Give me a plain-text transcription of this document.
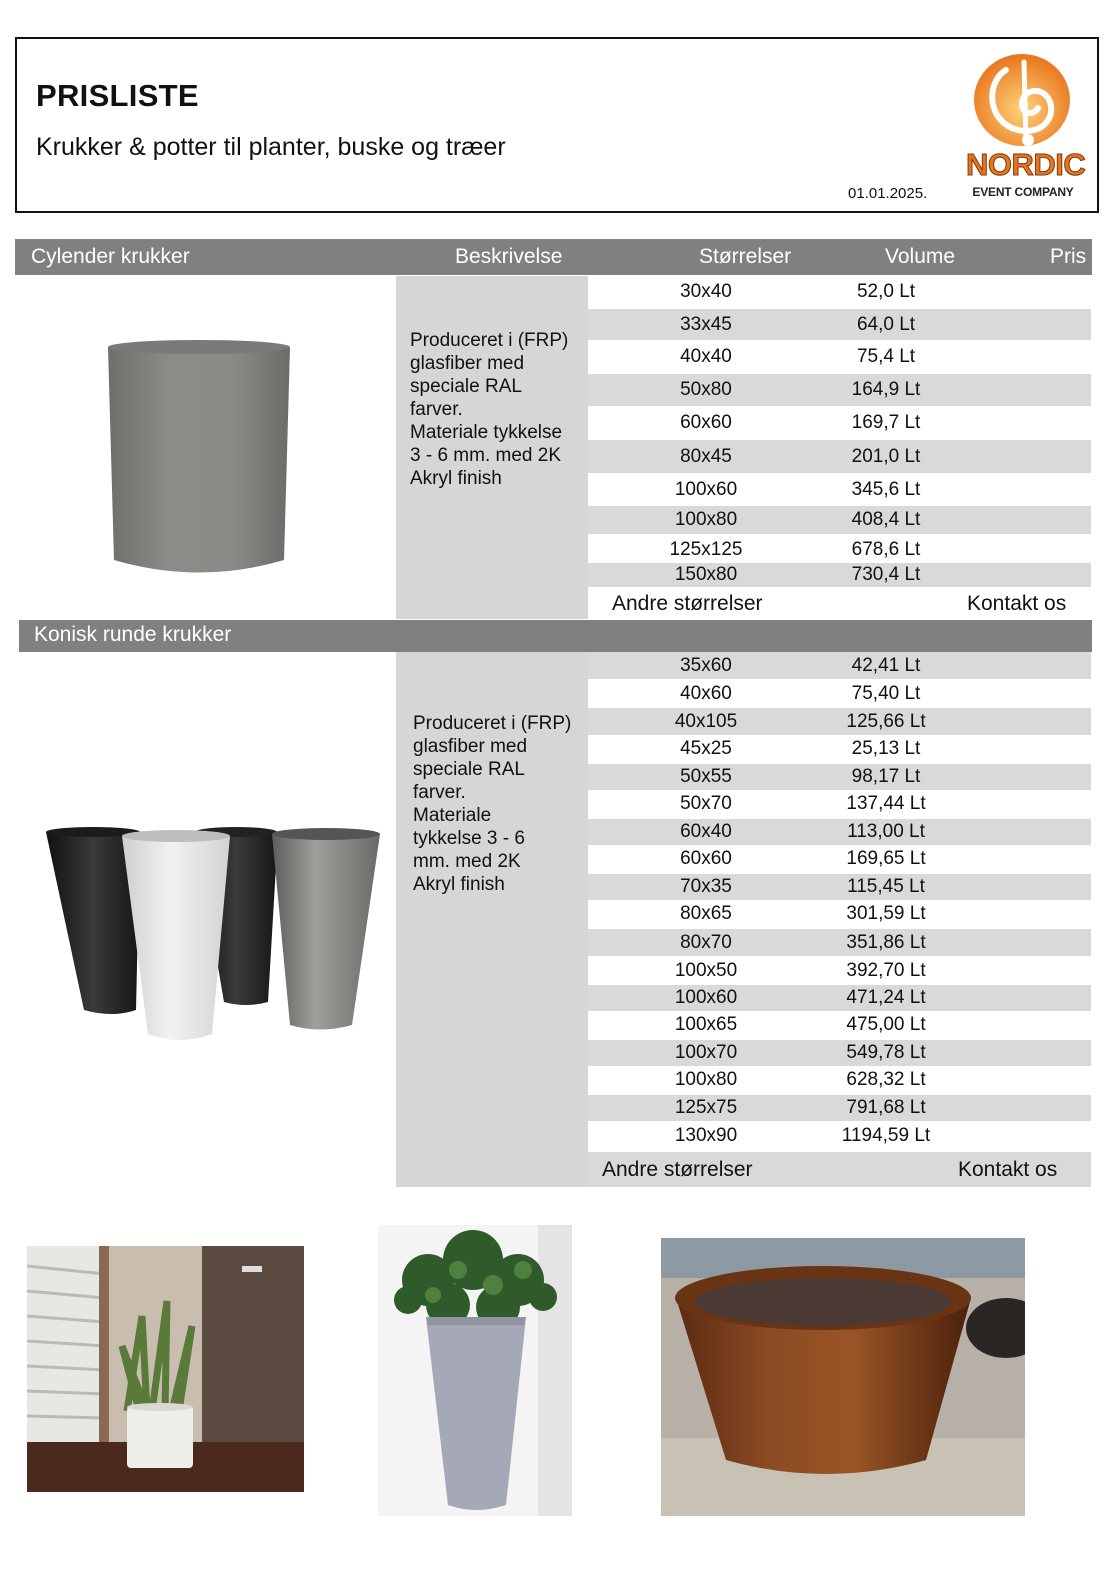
PRISLISTE
Krukker & potter til planter, buske og træer
01.01.2025.
NORDIC
EVENT COMPANY
Cylender krukker	Beskrivelse	Størrelser	Volume	Pris
Produceret i (FRP)
glasfiber med
speciale RAL
farver.
Materiale tykkelse
3 - 6 mm. med 2K
Akryl finish
30x40	52,0 Lt
33x45	64,0 Lt
40x40	75,4 Lt
50x80	164,9 Lt
60x60	169,7 Lt
80x45	201,0 Lt
100x60	345,6 Lt
100x80	408,4 Lt
125x125	678,6 Lt
150x80	730,4 Lt
Andre størrelser	Kontakt os
Konisk runde krukker
Produceret i (FRP)
glasfiber med
speciale RAL
farver.
Materiale
tykkelse 3 - 6
mm. med 2K
Akryl finish
35x60	42,41 Lt
40x60	75,40 Lt
40x105	125,66 Lt
45x25	25,13 Lt
50x55	98,17 Lt
50x70	137,44 Lt
60x40	113,00 Lt
60x60	169,65 Lt
70x35	115,45 Lt
80x65	301,59 Lt
80x70	351,86 Lt
100x50	392,70 Lt
100x60	471,24 Lt
100x65	475,00 Lt
100x70	549,78 Lt
100x80	628,32 Lt
125x75	791,68 Lt
130x90	1194,59 Lt
Andre størrelser	Kontakt os
